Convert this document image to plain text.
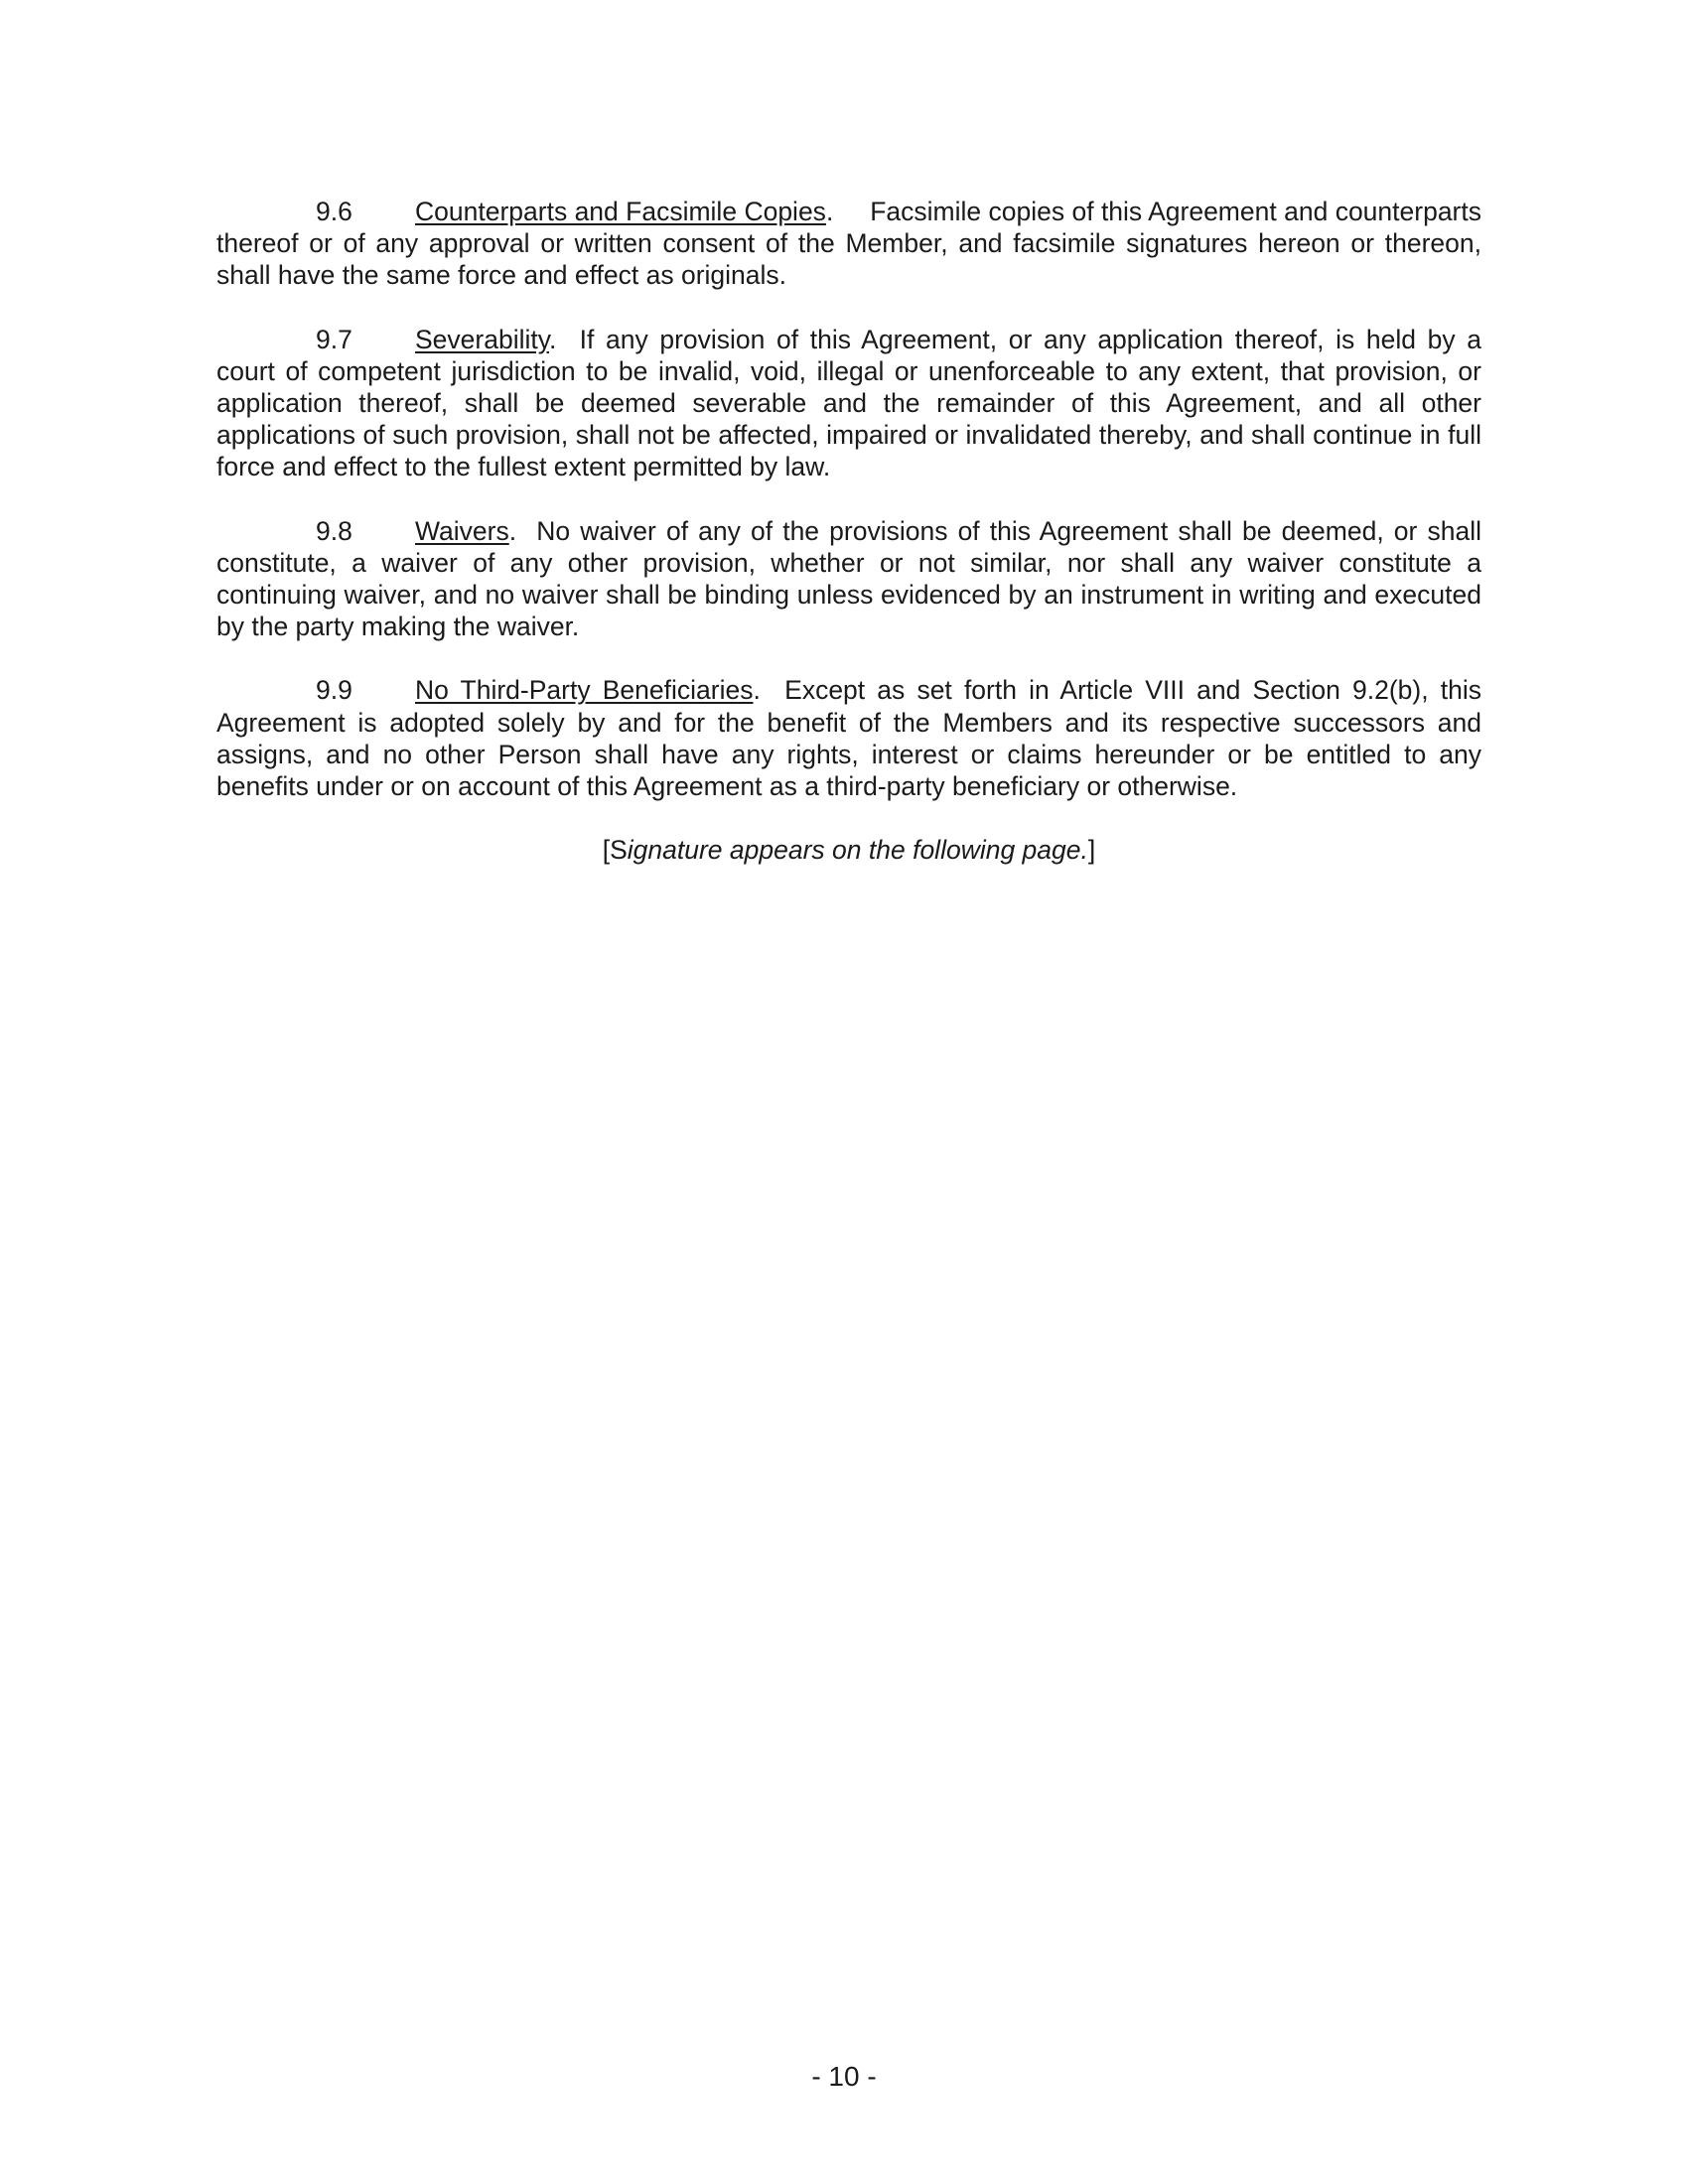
9.6 Counterparts and Facsimile Copies.     Facsimile copies of this Agreement and counterparts thereof or of any approval or written consent of the Member, and facsimile signatures hereon or thereon, shall have the same force and effect as originals.

9.7 Severability.  If any provision of this Agreement, or any application thereof, is held by a court of competent jurisdiction to be invalid, void, illegal or unenforceable to any extent, that provision, or application thereof, shall be deemed severable and the remainder of this Agreement, and all other applications of such provision, shall not be affected, impaired or invalidated thereby, and shall continue in full force and effect to the fullest extent permitted by law.

9.8 Waivers.  No waiver of any of the provisions of this Agreement shall be deemed, or shall constitute, a waiver of any other provision, whether or not similar, nor shall any waiver constitute a continuing waiver, and no waiver shall be binding unless evidenced by an instrument in writing and executed by the party making the waiver.

9.9 No Third-Party Beneficiaries.  Except as set forth in Article VIII and Section 9.2(b), this Agreement is adopted solely by and for the benefit of the Members and its respective successors and assigns, and no other Person shall have any rights, interest or claims hereunder or be entitled to any benefits under or on account of this Agreement as a third-party beneficiary or otherwise.

[Signature appears on the following page.]

- 10 -
